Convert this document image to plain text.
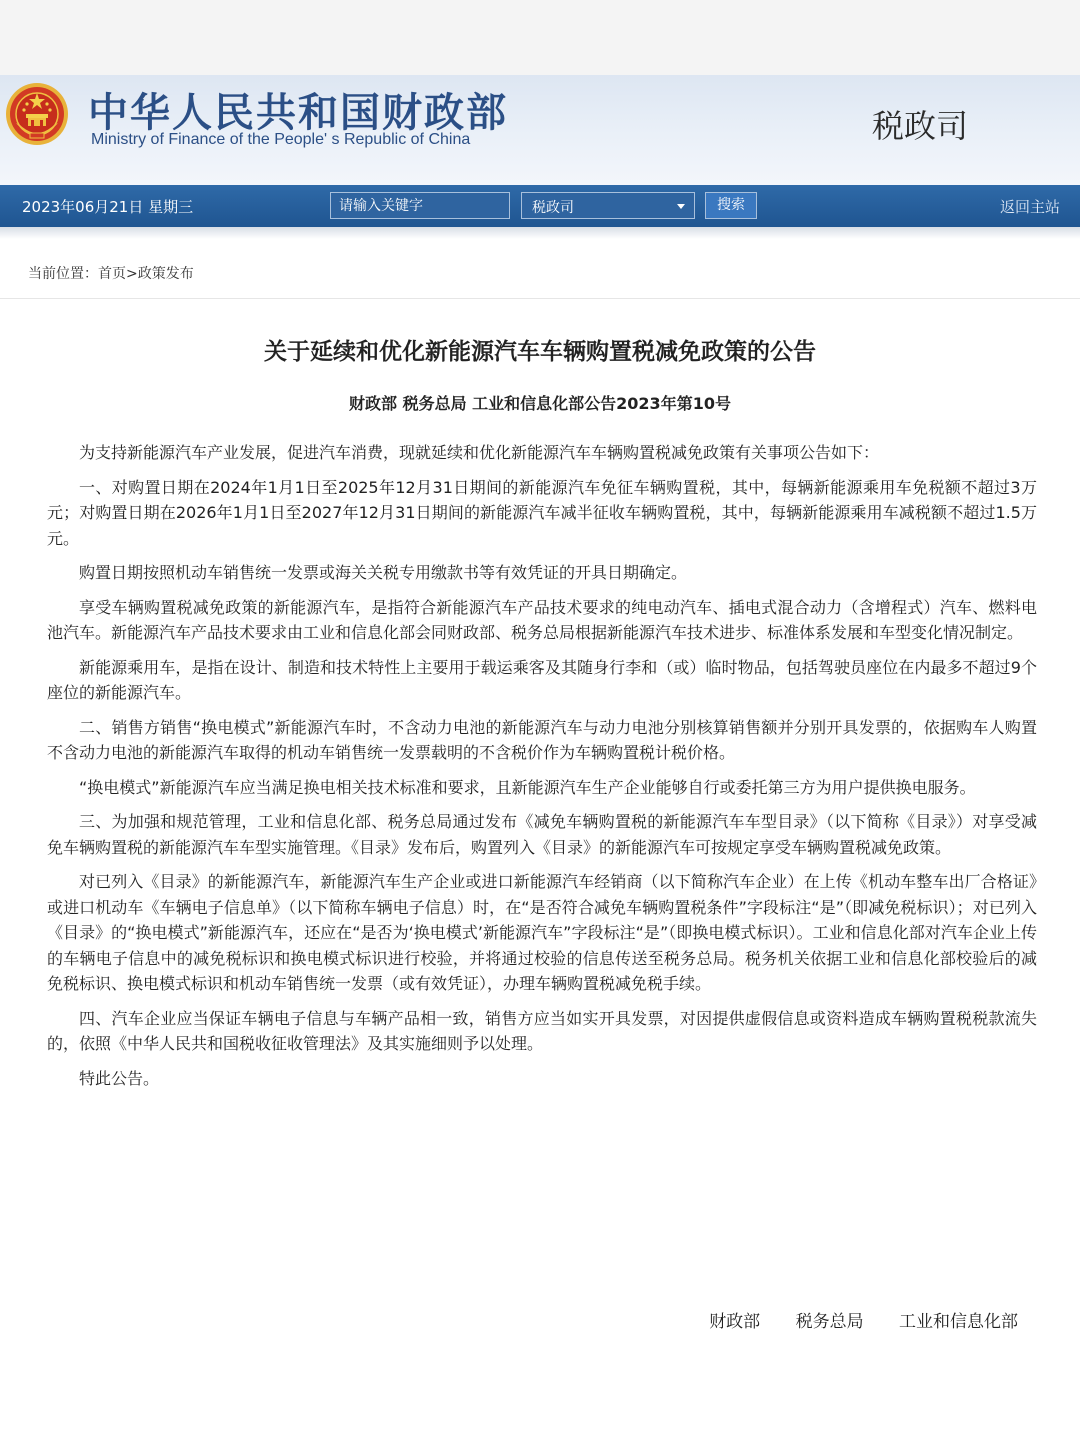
中华人民共和国财政部
Ministry of Finance of the People' s Republic of China	税政司
2023年06月21日 星期三
请输入关键字	税政司	搜索	返回主站
当前位置：首页>政策发布
关于延续和优化新能源汽车车辆购置税减免政策的公告
财政部 税务总局 工业和信息化部公告2023年第10号

为支持新能源汽车产业发展，促进汽车消费，现就延续和优化新能源汽车车辆购置税减免政策有关事项公告如下：

一、对购置日期在2024年1月1日至2025年12月31日期间的新能源汽车免征车辆购置税，其中，每辆新能源乘用车免税额不超过3万元；对购置日期在2026年1月1日至2027年12月31日期间的新能源汽车减半征收车辆购置税，其中，每辆新能源乘用车减税额不超过1.5万元。

购置日期按照机动车销售统一发票或海关关税专用缴款书等有效凭证的开具日期确定。

享受车辆购置税减免政策的新能源汽车，是指符合新能源汽车产品技术要求的纯电动汽车、插电式混合动力（含增程式）汽车、燃料电池汽车。新能源汽车产品技术要求由工业和信息化部会同财政部、税务总局根据新能源汽车技术进步、标准体系发展和车型变化情况制定。

新能源乘用车，是指在设计、制造和技术特性上主要用于载运乘客及其随身行李和（或）临时物品，包括驾驶员座位在内最多不超过9个座位的新能源汽车。

二、销售方销售“换电模式”新能源汽车时，不含动力电池的新能源汽车与动力电池分别核算销售额并分别开具发票的，依据购车人购置不含动力电池的新能源汽车取得的机动车销售统一发票载明的不含税价作为车辆购置税计税价格。

“换电模式”新能源汽车应当满足换电相关技术标准和要求，且新能源汽车生产企业能够自行或委托第三方为用户提供换电服务。

三、为加强和规范管理，工业和信息化部、税务总局通过发布《减免车辆购置税的新能源汽车车型目录》（以下简称《目录》）对享受减免车辆购置税的新能源汽车车型实施管理。《目录》发布后，购置列入《目录》的新能源汽车可按规定享受车辆购置税减免政策。

对已列入《目录》的新能源汽车，新能源汽车生产企业或进口新能源汽车经销商（以下简称汽车企业）在上传《机动车整车出厂合格证》或进口机动车《车辆电子信息单》（以下简称车辆电子信息）时，在“是否符合减免车辆购置税条件”字段标注“是”（即减免税标识）；对已列入《目录》的“换电模式”新能源汽车，还应在“是否为‘换电模式’新能源汽车”字段标注“是”（即换电模式标识）。工业和信息化部对汽车企业上传的车辆电子信息中的减免税标识和换电模式标识进行校验，并将通过校验的信息传送至税务总局。税务机关依据工业和信息化部校验后的减免税标识、换电模式标识和机动车销售统一发票（或有效凭证），办理车辆购置税减免税手续。

四、汽车企业应当保证车辆电子信息与车辆产品相一致，销售方应当如实开具发票，对因提供虚假信息或资料造成车辆购置税税款流失的，依照《中华人民共和国税收征收管理法》及其实施细则予以处理。

特此公告。

财政部 税务总局 工业和信息化部
